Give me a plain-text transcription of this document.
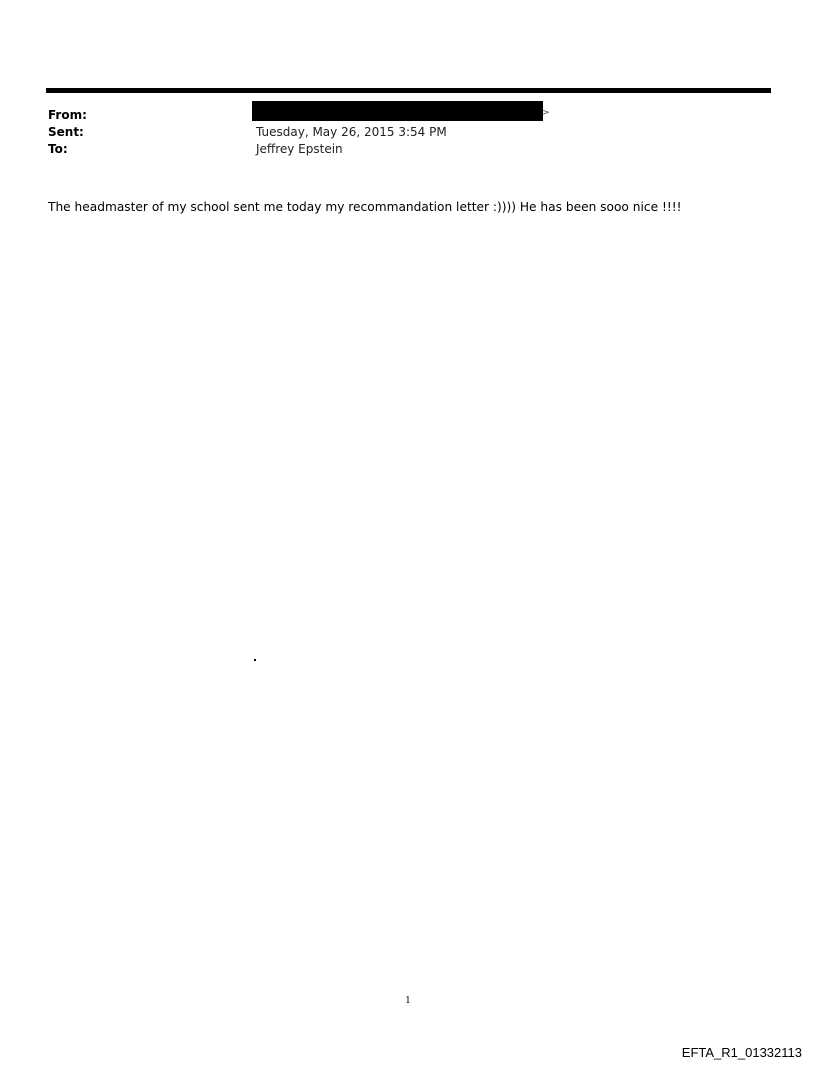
From:	>
Sent:	Tuesday, May 26, 2015 3:54 PM
To:	Jeffrey Epstein
The headmaster of my school sent me today my recommandation letter :)))) He has been sooo nice !!!!
1
EFTA_R1_01332113
